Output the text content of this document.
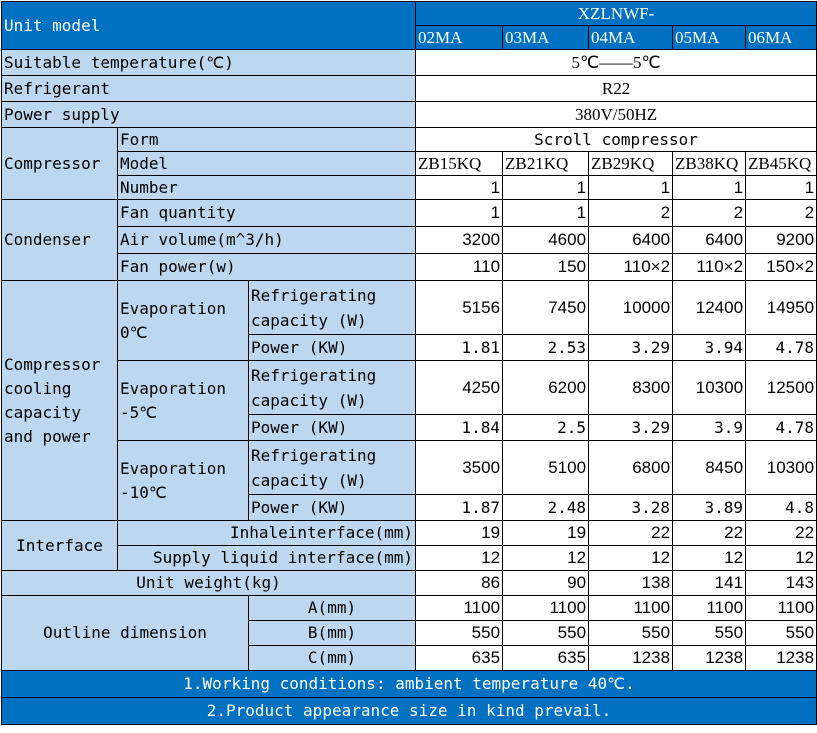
Unit model			XZLNWF-				
			02MA	03MA	04MA	05MA	06MA
Suitable temperature(℃)			5℃——5℃				
Refrigerant			R22				
Power supply			380V/50HZ				
Compressor	Form		Scroll compressor				
	Model		ZB15KQ	ZB21KQ	ZB29KQ	ZB38KQ	ZB45KQ
	Number		1	1	1	1	1
Condenser	Fan quantity		1	1	2	2	2
	Air volume(m^3/h)		3200	4600	6400	6400	9200
	Fan power(w)		110	150	110×2	110×2	150×2
Compressor cooling capacity and power	Evaporation 0℃	Refrigerating capacity (W)	5156	7450	10000	12400	14950
		Power (KW)	1.81	2.53	3.29	3.94	4.78
	Evaporation -5℃	Refrigerating capacity (W)	4250	6200	8300	10300	12500
		Power (KW)	1.84	2.5	3.29	3.9	4.78
	Evaporation -10℃	Refrigerating capacity (W)	3500	5100	6800	8450	10300
		Power (KW)	1.87	2.48	3.28	3.89	4.8
Interface	Inhaleinterface(mm)		19	19	22	22	22
	Supply liquid interface(mm)		12	12	12	12	12
Unit weight(kg)			86	90	138	141	143
Outline dimension		A(mm)	1100	1100	1100	1100	1100
		B(mm)	550	550	550	550	550
		C(mm)	635	635	1238	1238	1238
1.Working conditions: ambient temperature 40℃.							
2.Product appearance size in kind prevail.							
